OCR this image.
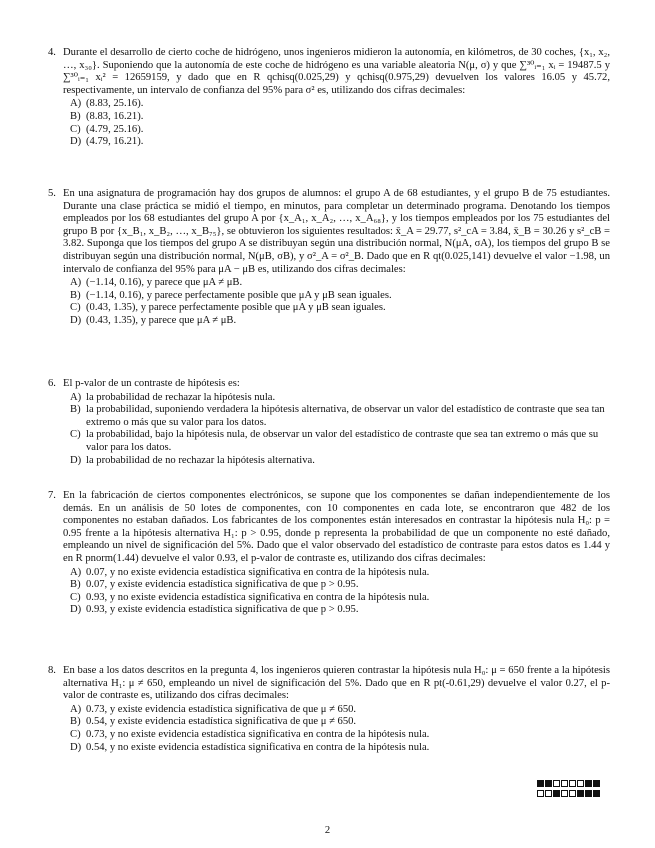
4. Durante el desarrollo de cierto coche de hidrógeno, unos ingenieros midieron la autonomía, en kilómetros, de 30 coches, {x₁, x₂, …, x₃₀}. Suponiendo que la autonomía de este coche de hidrógeno es una variable aleatoria N(μ, σ) y que ∑³⁰ᵢ₌₁ xᵢ = 19487.5 y ∑³⁰ᵢ₌₁ xᵢ² = 12659159, y dado que en R qchisq(0.025,29) y qchisq(0.975,29) devuelven los valores 16.05 y 45.72, respectivamente, un intervalo de confianza del 95% para σ² es, utilizando dos cifras decimales:
A) (8.83, 25.16).
B) (8.83, 16.21).
C) (4.79, 25.16).
D) (4.79, 16.21).
5. En una asignatura de programación hay dos grupos de alumnos: el grupo A de 68 estudiantes, y el grupo B de 75 estudiantes. Durante una clase práctica se midió el tiempo, en minutos, para completar un determinado programa. Denotando los tiempos empleados por los 68 estudiantes del grupo A por {x_A₁, x_A₂, …, x_A₆₈}, y los tiempos empleados por los 75 estudiantes del grupo B por {x_B₁, x_B₂, …, x_B₇₅}, se obtuvieron los siguientes resultados: x̄_A = 29.77, s²_cA = 3.84, x̄_B = 30.26 y s²_cB = 3.82. Suponga que los tiempos del grupo A se distribuyan según una distribución normal, N(μA, σA), los tiempos del grupo B se distribuyan según una distribución normal, N(μB, σB), y σ²_A = σ²_B. Dado que en R qt(0.025,141) devuelve el valor −1.98, un intervalo de confianza del 95% para μA − μB es, utilizando dos cifras decimales:
A) (−1.14, 0.16), y parece que μA ≠ μB.
B) (−1.14, 0.16), y parece perfectamente posible que μA y μB sean iguales.
C) (0.43, 1.35), y parece perfectamente posible que μA y μB sean iguales.
D) (0.43, 1.35), y parece que μA ≠ μB.
6. El p-valor de un contraste de hipótesis es:
A) la probabilidad de rechazar la hipótesis nula.
B) la probabilidad, suponiendo verdadera la hipótesis alternativa, de observar un valor del estadístico de contraste que sea tan extremo o más que su valor para los datos.
C) la probabilidad, bajo la hipótesis nula, de observar un valor del estadístico de contraste que sea tan extremo o más que su valor para los datos.
D) la probabilidad de no rechazar la hipótesis alternativa.
7. En la fabricación de ciertos componentes electrónicos, se supone que los componentes se dañan independientemente de los demás. En un análisis de 50 lotes de componentes, con 10 componentes en cada lote, se encontraron que 482 de los componentes no estaban dañados. Los fabricantes de los componentes están interesados en contrastar la hipótesis nula H₀: p = 0.95 frente a la hipótesis alternativa H₁: p > 0.95, donde p representa la probabilidad de que un componente no esté dañado, empleando un nivel de significación del 5%. Dado que el valor observado del estadístico de contraste para estos datos es 1.44 y en R pnorm(1.44) devuelve el valor 0.93, el p-valor de contraste es, utilizando dos cifras decimales:
A) 0.07, y no existe evidencia estadística significativa en contra de la hipótesis nula.
B) 0.07, y existe evidencia estadística significativa de que p > 0.95.
C) 0.93, y no existe evidencia estadística significativa en contra de la hipótesis nula.
D) 0.93, y existe evidencia estadística significativa de que p > 0.95.
8. En base a los datos descritos en la pregunta 4, los ingenieros quieren contrastar la hipótesis nula H₀: μ = 650 frente a la hipótesis alternativa H₁: μ ≠ 650, empleando un nivel de significación del 5%. Dado que en R pt(-0.61,29) devuelve el valor 0.27, el p-valor de contraste es, utilizando dos cifras decimales:
A) 0.73, y existe evidencia estadística significativa de que μ ≠ 650.
B) 0.54, y existe evidencia estadística significativa de que μ ≠ 650.
C) 0.73, y no existe evidencia estadística significativa en contra de la hipótesis nula.
D) 0.54, y no existe evidencia estadística significativa en contra de la hipótesis nula.
2
